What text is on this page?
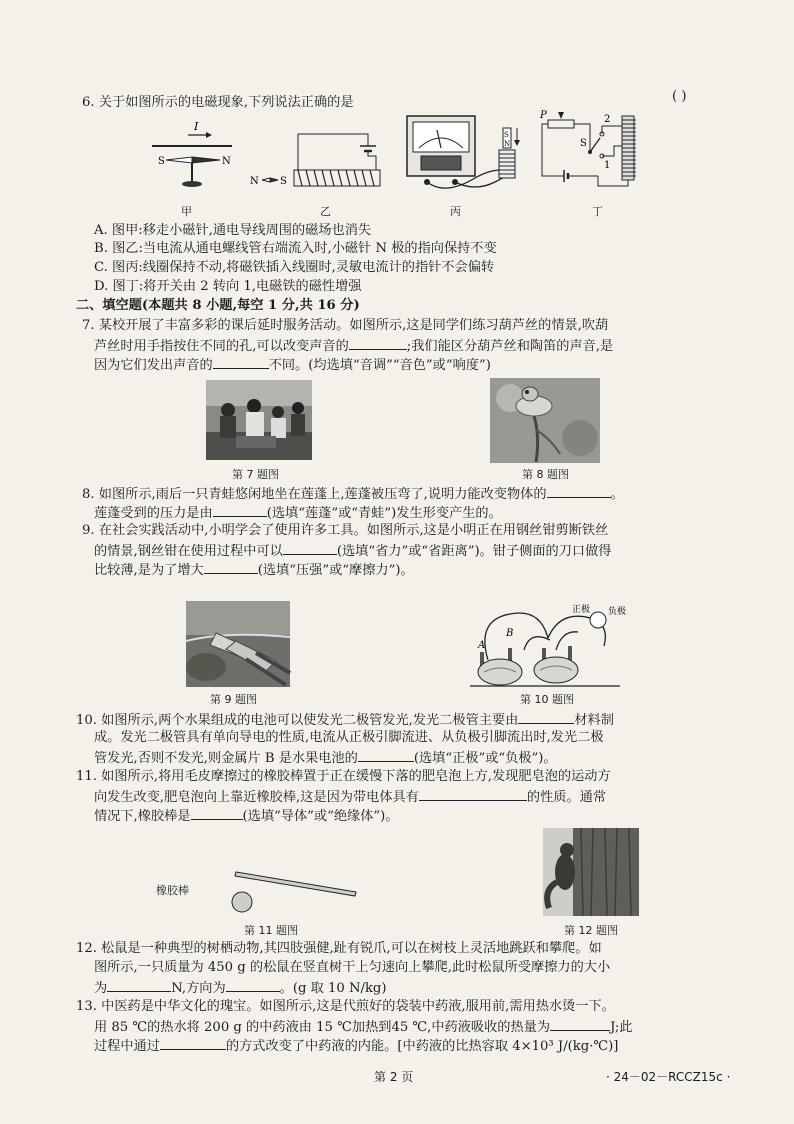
6. 关于如图所示的电磁现象,下列说法正确的是	( )
I
S	N
N S
S
N
P	2
S
1
甲	乙	丙	丁
A. 图甲:移走小磁针,通电导线周围的磁场也消失
B. 图乙:当电流从通电螺线管右端流入时,小磁针 N 极的指向保持不变
C. 图丙:线圈保持不动,将磁铁插入线圈时,灵敏电流计的指针不会偏转
D. 图丁:将开关由 2 转向 1,电磁铁的磁性增强
二、填空题(本题共 8 小题,每空 1 分,共 16 分)
7. 某校开展了丰富多彩的课后延时服务活动。如图所示,这是同学们练习葫芦丝的情景,吹葫
芦丝时用手指按住不同的孔,可以改变声音的	;我们能区分葫芦丝和陶笛的声音,是
因为它们发出声音的	不同。(均选填“音调”“音色”或“响度”)
第 7 题图	第 8 题图
8. 如图所示,雨后一只青蛙悠闲地坐在莲蓬上,莲蓬被压弯了,说明力能改变物体的	。
莲蓬受到的压力是由	(选填“莲蓬”或“青蛙”)发生形变产生的。
9. 在社会实践活动中,小明学会了使用许多工具。如图所示,这是小明正在用钢丝钳剪断铁丝
的情景,钢丝钳在使用过程中可以	(选填“省力”或“省距离”)。钳子侧面的刀口做得
比较薄,是为了增大	(选填“压强”或“摩擦力”)。
第 9 题图
A
B
正极 负极
第 10 题图
10. 如图所示,两个水果组成的电池可以使发光二极管发光,发光二极管主要由	材料制
成。发光二极管具有单向导电的性质,电流从正极引脚流进、从负极引脚流出时,发光二极
管发光,否则不发光,则金属片 B 是水果电池的	(选填“正极”或“负极”)。
11. 如图所示,将用毛皮摩擦过的橡胶棒置于正在缓慢下落的肥皂泡上方,发现肥皂泡的运动方
向发生改变,肥皂泡向上靠近橡胶棒,这是因为带电体具有	的性质。通常
情况下,橡胶棒是	(选填“导体”或“绝缘体”)。
橡胶棒
第 11 题图	第 12 题图
12. 松鼠是一种典型的树栖动物,其四肢强健,趾有锐爪,可以在树枝上灵活地跳跃和攀爬。如
图所示,一只质量为 450 g 的松鼠在竖直树干上匀速向上攀爬,此时松鼠所受摩擦力的大小
为	N,方向为	。(g 取 10 N/kg)
13. 中医药是中华文化的瑰宝。如图所示,这是代煎好的袋装中药液,服用前,需用热水烫一下。
用 85 ℃的热水将 200 g 的中药液由 15 ℃加热到45 ℃,中药液吸收的热量为	J;此
过程中通过	的方式改变了中药液的内能。[中药液的比热容取 4×10³ J/(kg·℃)]
第 2 页	· 24－02－RCCZ15c ·
